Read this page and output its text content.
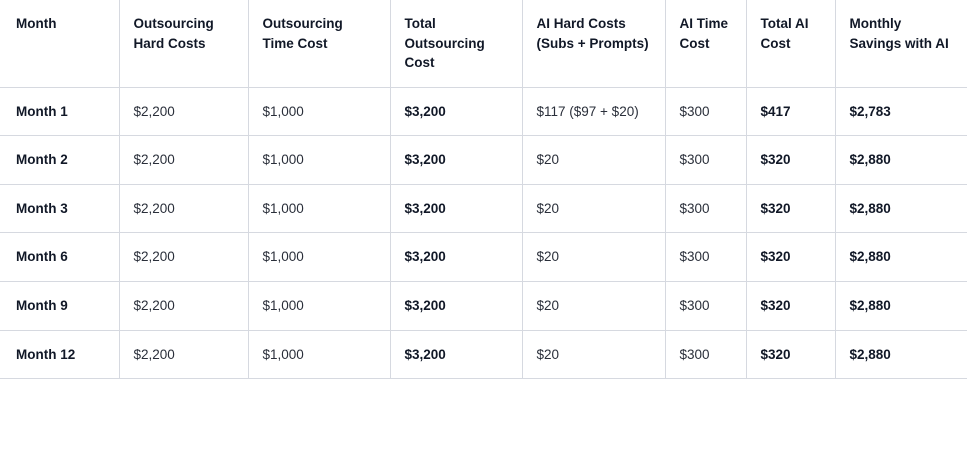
Month	Outsourcing Hard Costs	Outsourcing Time Cost	Total Outsourcing Cost	AI Hard Costs (Subs + Prompts)	AI Time Cost	Total AI Cost	Monthly Savings with AI
Month 1	$2,200	$1,000	$3,200	$117 ($97 + $20)	$300	$417	$2,783
Month 2	$2,200	$1,000	$3,200	$20	$300	$320	$2,880
Month 3	$2,200	$1,000	$3,200	$20	$300	$320	$2,880
Month 6	$2,200	$1,000	$3,200	$20	$300	$320	$2,880
Month 9	$2,200	$1,000	$3,200	$20	$300	$320	$2,880
Month 12	$2,200	$1,000	$3,200	$20	$300	$320	$2,880
